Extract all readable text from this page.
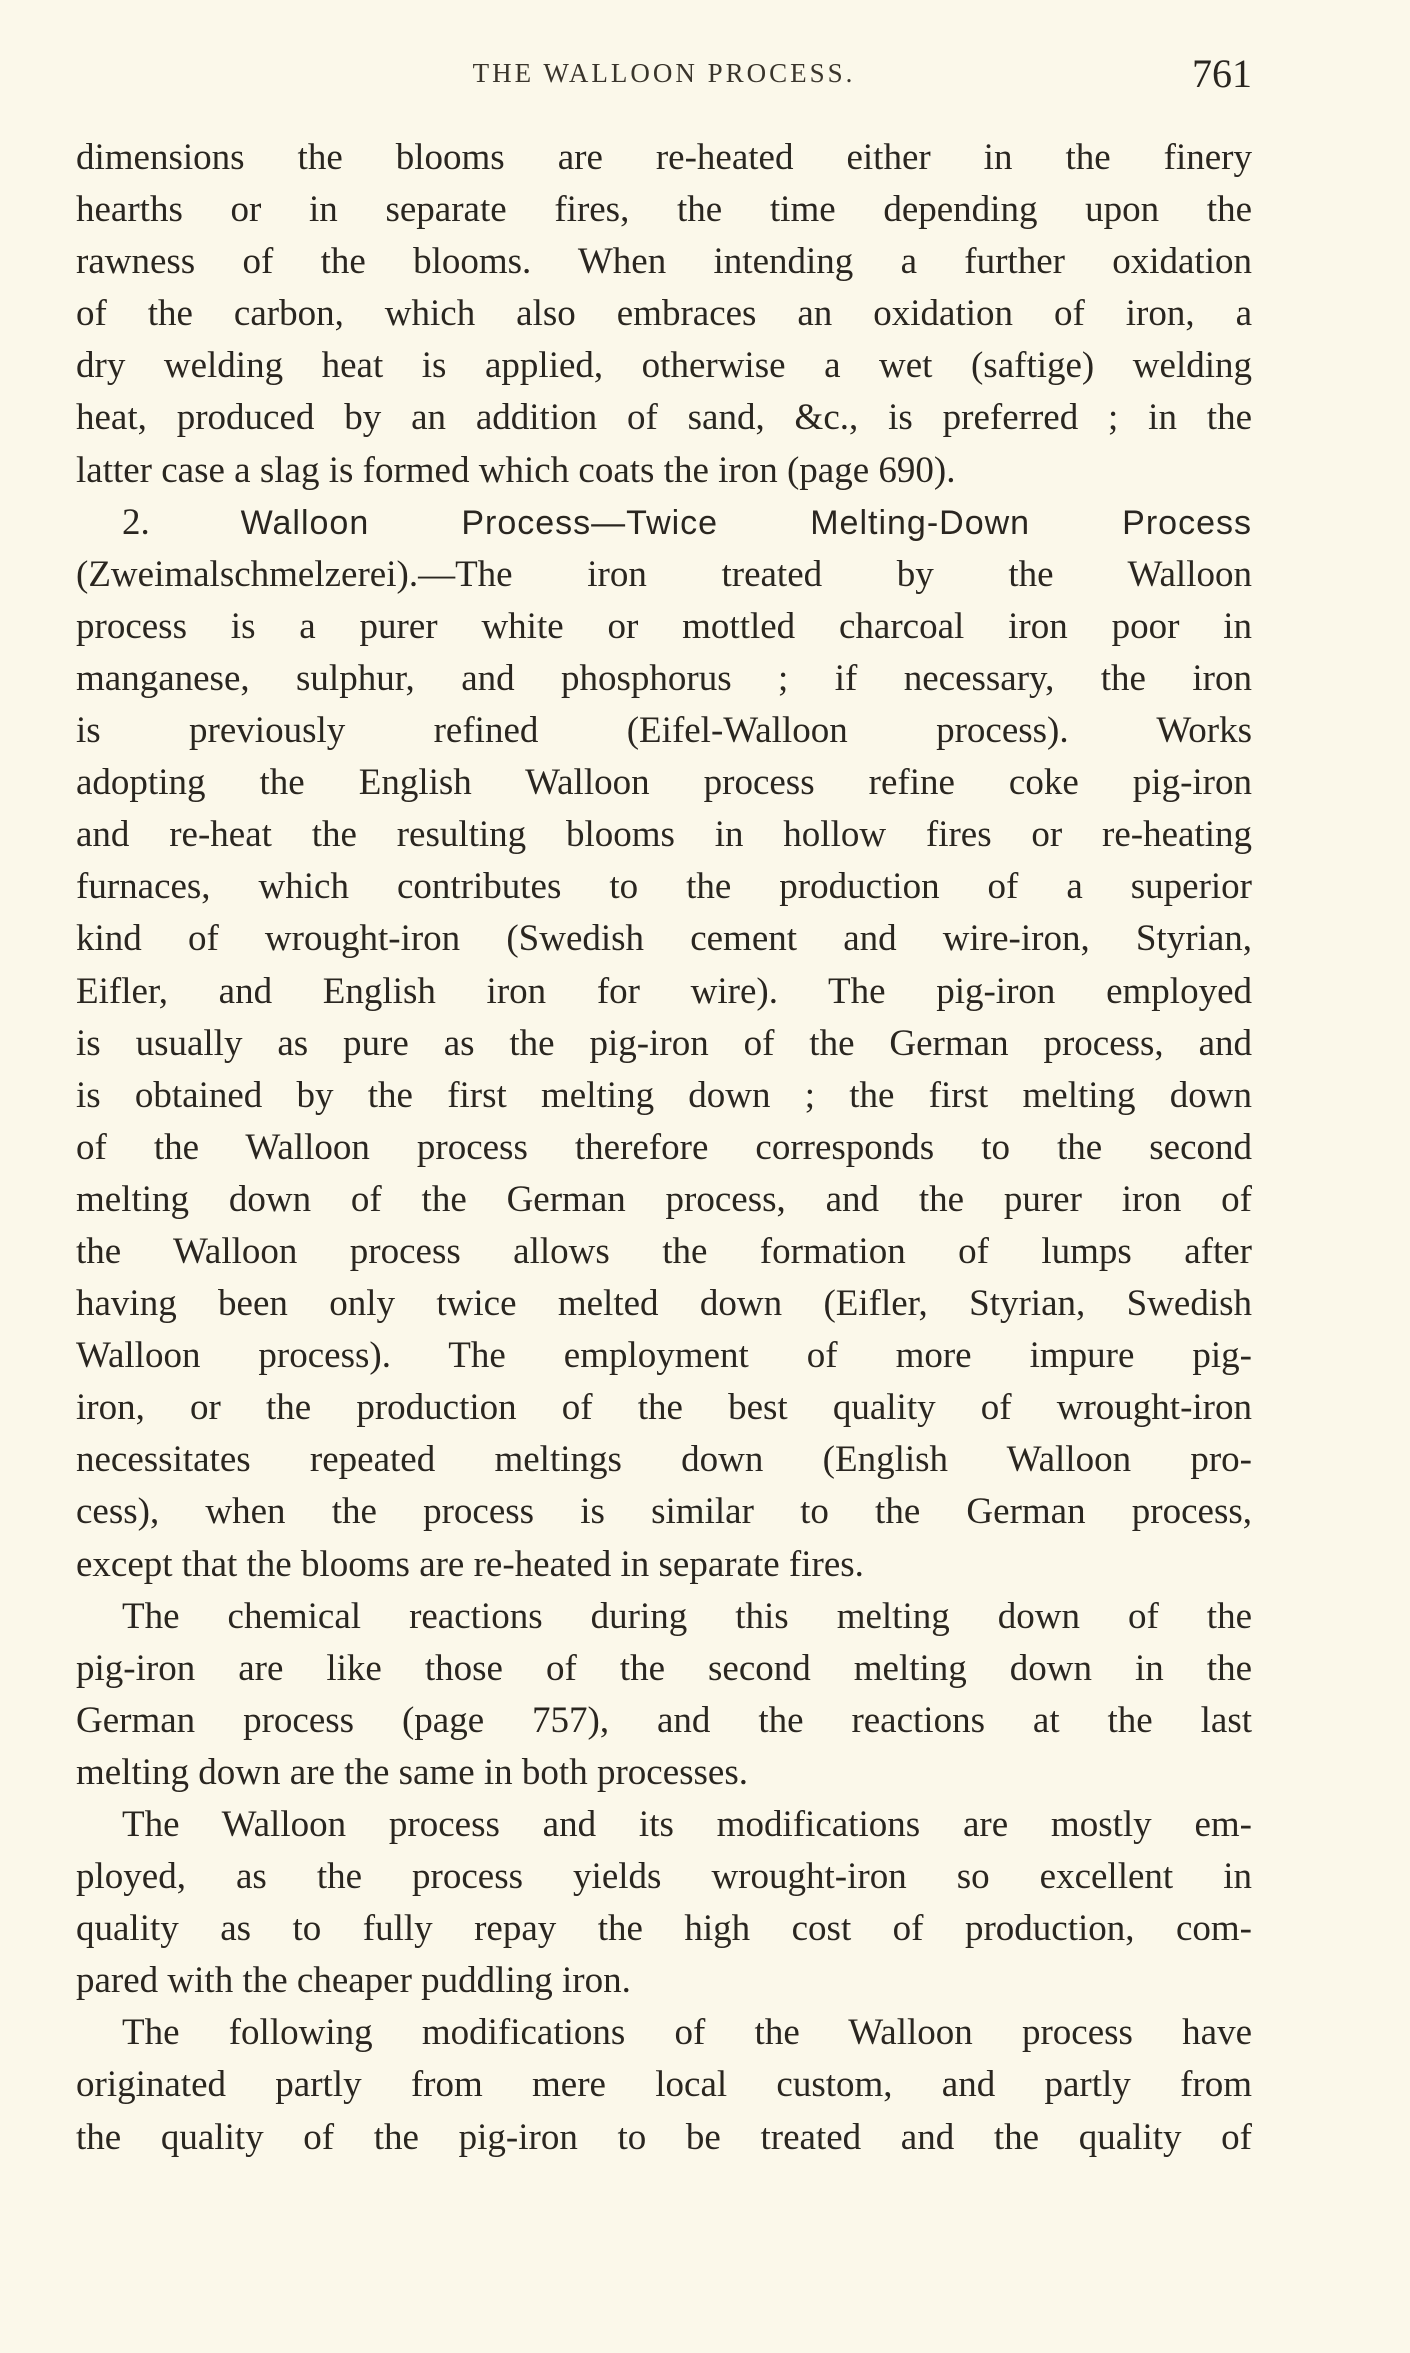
THE WALLOON PROCESS.	761
dimensions the blooms are re-heated either in the finery
hearths or in separate fires, the time depending upon the
rawness of the blooms. When intending a further oxidation
of the carbon, which also embraces an oxidation of iron, a
dry welding heat is applied, otherwise a wet (saftige) welding
heat, produced by an addition of sand, &c., is preferred ; in the
latter case a slag is formed which coats the iron (page 690).
2.	Walloon Process—Twice Melting-Down Process
(Zweimalschmelzerei).—The iron treated by the Walloon
process is a purer white or mottled charcoal iron poor in
manganese, sulphur, and phosphorus ; if necessary, the iron
is previously refined (Eifel-Walloon process). Works
adopting the English Walloon process refine coke pig-iron
and re-heat the resulting blooms in hollow fires or re-heating
furnaces, which contributes to the production of a superior
kind of wrought-iron (Swedish cement and wire-iron, Styrian,
Eifler, and English iron for wire). The pig-iron employed
is usually as pure as the pig-iron of the German process, and
is obtained by the first melting down ; the first melting down
of the Walloon process therefore corresponds to the second
melting down of the German process, and the purer iron of
the Walloon process allows the formation of lumps after
having been only twice melted down (Eifler, Styrian, Swedish
Walloon process). The employment of more impure pig-
iron, or the production of the best quality of wrought-iron
necessitates repeated meltings down (English Walloon pro-
cess), when the process is similar to the German process,
except that the blooms are re-heated in separate fires.
The chemical reactions during this melting down of the
pig-iron are like those of the second melting down in the
German process (page 757), and the reactions at the last
melting down are the same in both processes.
The Walloon process and its modifications are mostly em-
ployed, as the process yields wrought-iron so excellent in
quality as to fully repay the high cost of production, com-
pared with the cheaper puddling iron.
The following modifications of the Walloon process have
originated partly from mere local custom, and partly from
the quality of the pig-iron to be treated and the quality of
